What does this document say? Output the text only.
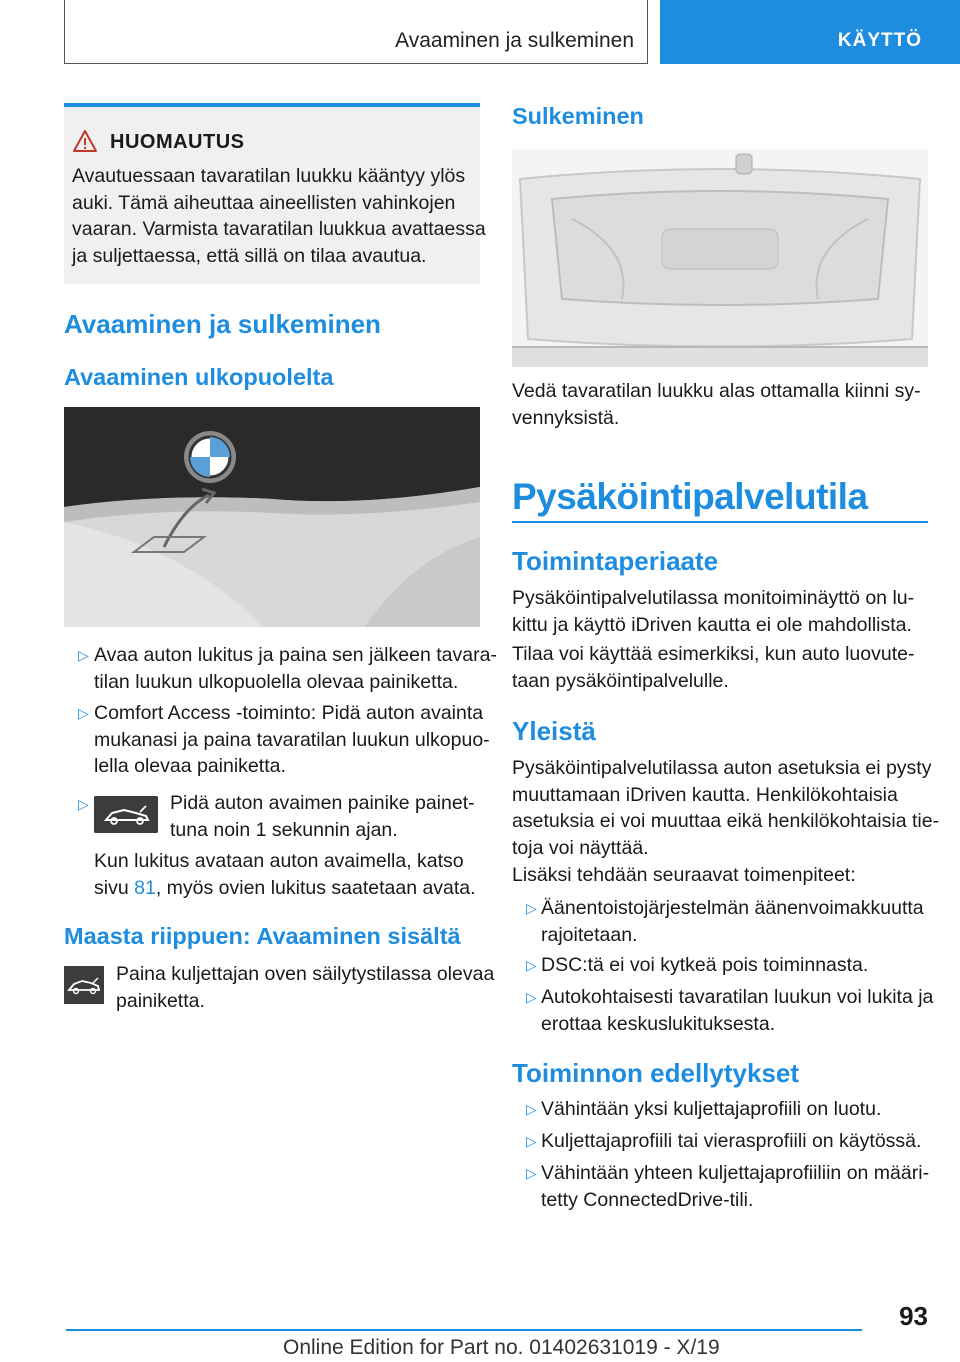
Avaaminen ja sulkeminen	KÄYTTÖ
HUOMAUTUS
Avautuessaan tavaratilan luukku kääntyy ylös
auki. Tämä aiheuttaa aineellisten vahinkojen
vaaran. Varmista tavaratilan luukkua avattaessa
ja suljettaessa, että sillä on tilaa avautua.
Avaaminen ja sulkeminen
Avaaminen ulkopuolelta
▷ Avaa auton lukitus ja paina sen jälkeen tavara-
tilan luukun ulkopuolella olevaa painiketta.
▷ Comfort Access -toiminto: Pidä auton avainta
mukanasi ja paina tavaratilan luukun ulkopuo-
lella olevaa painiketta.
▷	Pidä auton avaimen painike painet-
tuna noin 1 sekunnin ajan.
Kun lukitus avataan auton avaimella, katso
sivu 81, myös ovien lukitus saatetaan avata.
Maasta riippuen: Avaaminen sisältä
Paina kuljettajan oven säilytystilassa olevaa
painiketta.
Sulkeminen
Vedä tavaratilan luukku alas ottamalla kiinni sy-
vennyksistä.
Pysäköintipalvelutila
Toimintaperiaate
Pysäköintipalvelutilassa monitoiminäyttö on lu-
kittu ja käyttö iDriven kautta ei ole mahdollista.
Tilaa voi käyttää esimerkiksi, kun auto luovute-
taan pysäköintipalvelulle.
Yleistä
Pysäköintipalvelutilassa auton asetuksia ei pysty
muuttamaan iDriven kautta. Henkilökohtaisia
asetuksia ei voi muuttaa eikä henkilökohtaisia tie-
toja voi näyttää.
Lisäksi tehdään seuraavat toimenpiteet:
▷ Äänentoistojärjestelmän äänenvoimakkuutta
rajoitetaan.
▷ DSC:tä ei voi kytkeä pois toiminnasta.
▷ Autokohtaisesti tavaratilan luukun voi lukita ja
erottaa keskuslukituksesta.
Toiminnon edellytykset
▷ Vähintään yksi kuljettajaprofiili on luotu.
▷ Kuljettajaprofiili tai vierasprofiili on käytössä.
▷ Vähintään yhteen kuljettajaprofiiliin on määri-
tetty ConnectedDrive-tili.
93
Online Edition for Part no. 01402631019 - X/19
